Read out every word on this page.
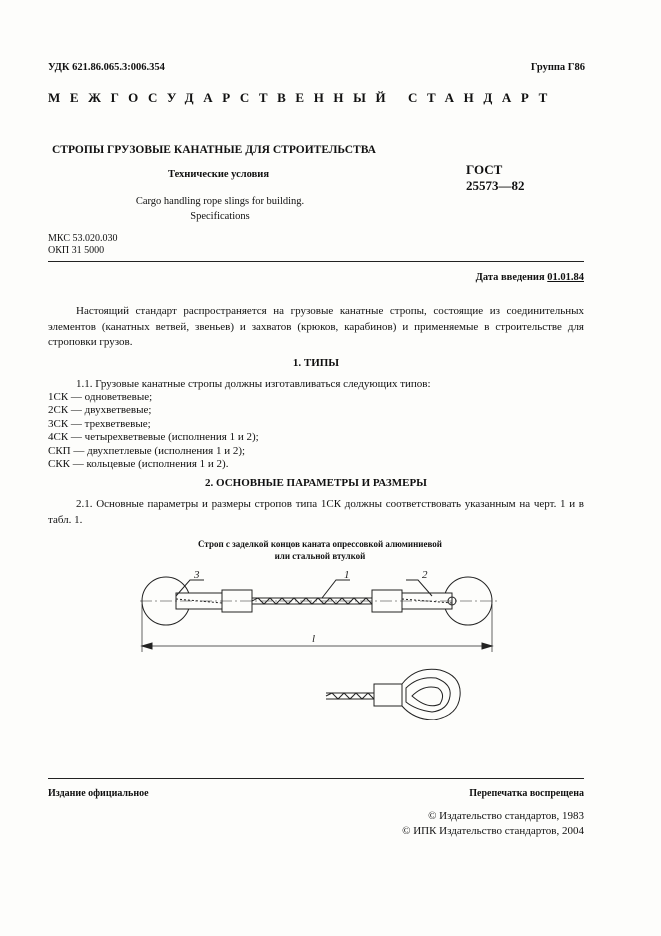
УДК 621.86.065.3:006.354	Группа Г86
МЕЖГОСУДАРСТВЕННЫЙ СТАНДАРТ
СТРОПЫ ГРУЗОВЫЕ КАНАТНЫЕ ДЛЯ СТРОИТЕЛЬСТВА
Технические условия
Cargo handling rope slings for building.
Specifications
ГОСТ
25573—82
МКС 53.020.030
ОКП 31 5000
Дата введения 01.01.84
Настоящий стандарт распространяется на грузовые канатные стропы, состоящие из соединительных элементов (канатных ветвей, звеньев) и захватов (крюков, карабинов) и применяемые в строительстве для строповки грузов.
1. ТИПЫ
1.1. Грузовые канатные стропы должны изготавливаться следующих типов:
1СК — одноветвевые;
2СК — двухветвевые;
3СК — трехветвевые;
4СК — четырехветвевые (исполнения 1 и 2);
СКП — двухпетлевые (исполнения 1 и 2);
СКК — кольцевые (исполнения 1 и 2).
2. ОСНОВНЫЕ ПАРАМЕТРЫ И РАЗМЕРЫ
2.1. Основные параметры и размеры стропов типа 1СК должны соответствовать указанным на черт. 1 и в табл. 1.
Строп с заделкой концов каната опрессовкой алюминиевой
или стальной втулкой
3	1	2
l
Издание официальное	Перепечатка воспрещена
© Издательство стандартов, 1983
© ИПК Издательство стандартов, 2004
